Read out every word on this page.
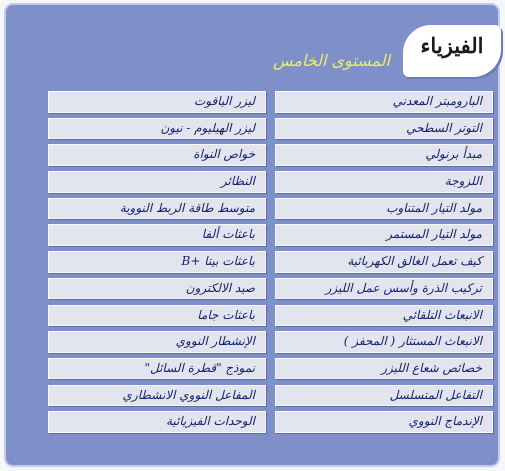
الفيزياء
المستوى الخامس
ليزر الياقوت	البارومبتر المعدني
ليزر الهيليوم - نيون	التوتر السطحي
خواص النواة	مبدأ برنولي
النظائر	اللزوجة
متوسط طاقة الربط النووية	مولد التيار المتناوب
باعثات ألفا	مولد التيار المستمر
باعثات بيتا +B	كيف تعمل الغالق الكهربائية
صيد الالكترون	تركيب الذرة وأسس عمل الليزر
باعثات جاما	الانبعاث التلقائي
الإنشطار النووي	الانبعاث المستثار ( المحفز )
نموذج "قطرة السائل"	خصائص شعاع الليزر
المفاعل النووي الانشطاري	التفاعل المتسلسل
الوحدات الفيزيائية	الإندماج النووي
